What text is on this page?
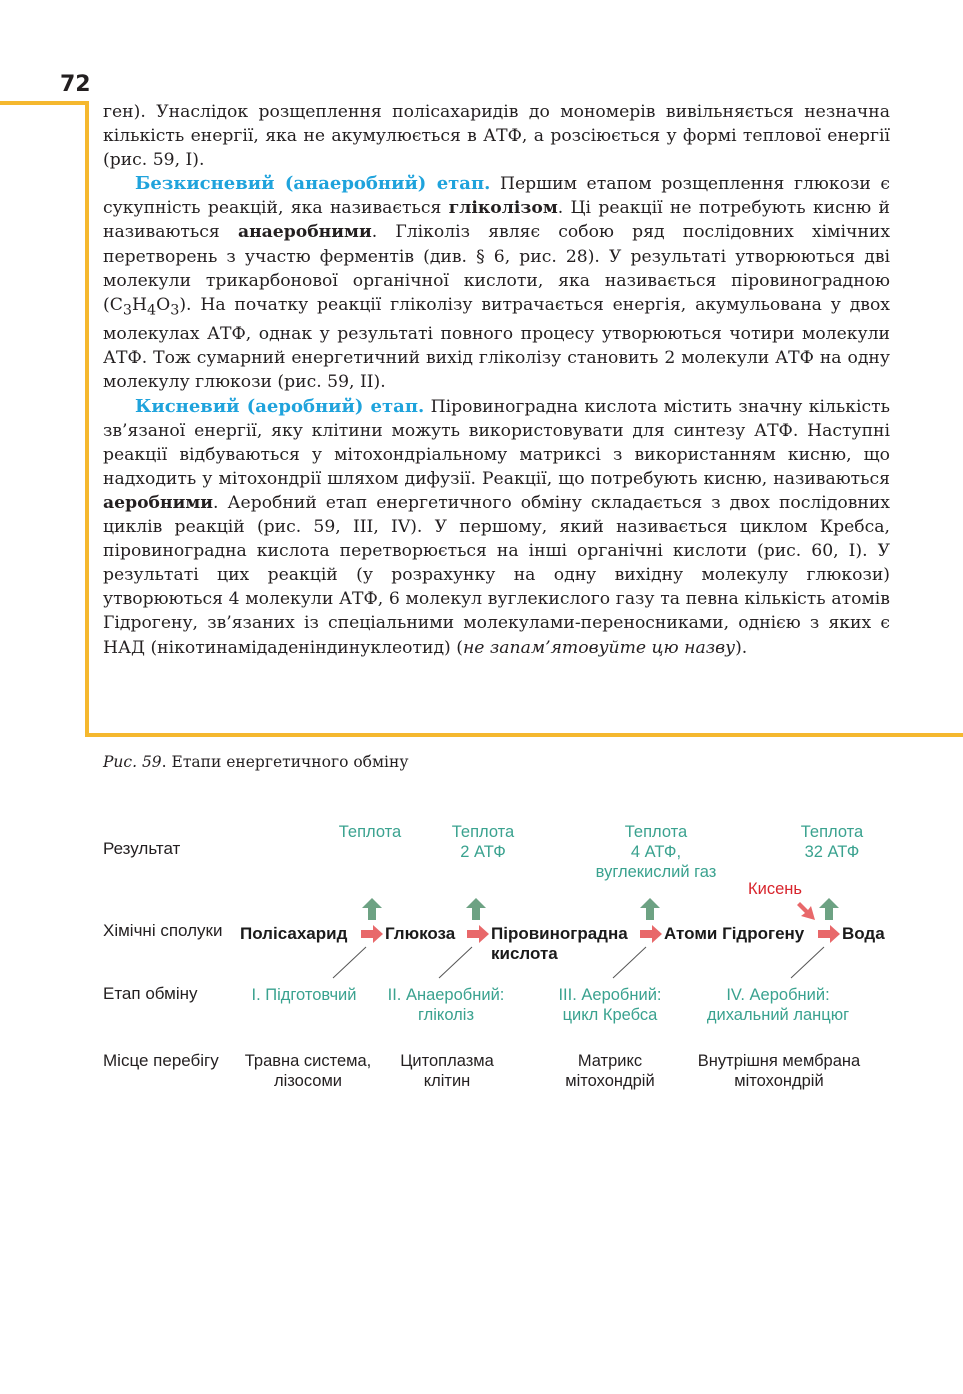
72

ген). Унаслідок розщеплення полісахаридів до мономерів вивільняється незначна кількість енергії, яка не акумулюється в АТФ, а розсіюється у формі теплової енергії (рис. 59, І).

Безкисневий (анаеробний) етап. Першим етапом розщеплення глюкози є сукупність реакцій, яка називається гліколізом. Ці реакції не потребують кисню й називаються анаеробними. Гліколіз являє собою ряд послідовних хімічних перетворень з участю ферментів (див. § 6, рис. 28). У результаті утворюються дві молекули трикарбонової органічної кислоти, яка називається піровиноградною $(C_3H_4O_3)$. На початку реакції гліколізу витрачається енергія, акумульована у двох молекулах АТФ, однак у результаті повного процесу утворюються чотири молекули АТФ. Тож сумарний енергетичний вихід гліколізу становить 2 молекули АТФ на одну молекулу глюкози (рис. 59, ІІ).

Кисневий (аеробний) етап. Піровиноградна кислота містить значну кількість зв’язаної енергії, яку клітини можуть використовувати для синтезу АТФ. Наступні реакції відбуваються у мітохондріальному матриксі з використанням кисню, що надходить у мітохондрії шляхом дифузії. Реакції, що потребують кисню, називаються аеробними. Аеробний етап енергетичного обміну складається з двох послідовних циклів реакцій (рис. 59, ІІІ, IV). У першому, який називається циклом Кребса, піровиноградна кислота перетворюється на інші органічні кислоти (рис. 60, І). У результаті цих реакцій (у розрахунку на одну вихідну молекулу глюкози) утворюються 4 молекули АТФ, 6 молекул вуглекислого газу та певна кількість атомів Гідрогену, зв’язаних із спеціальними молекулами-переносниками, однією з яких є НАД (нікотинамідаденіндинуклеотид) (не запам’ятовуйте цю назву).

Рис. 59. Етапи енергетичного обміну
Результат
Хімічні сполуки
Етап обміну
Місце перебігу
Теплота	Теплота
2 АТФ
Теплота
4 АТФ,
вуглекислий газ
Теплота
32 АТФ
Кисень
Полісахарид Глюкоза Піровиноградна
кислота
Атоми Гідрогену Вода
І. Підготовчий	ІІ. Анаеробний:
гліколіз
ІІІ. Аеробний:
цикл Кребса
IV. Аеробний:
дихальний ланцюг
Травна система,
лізосоми
Цитоплазма
клітин
Матрикс
мітохондрій
Внутрішня мембрана
мітохондрій
